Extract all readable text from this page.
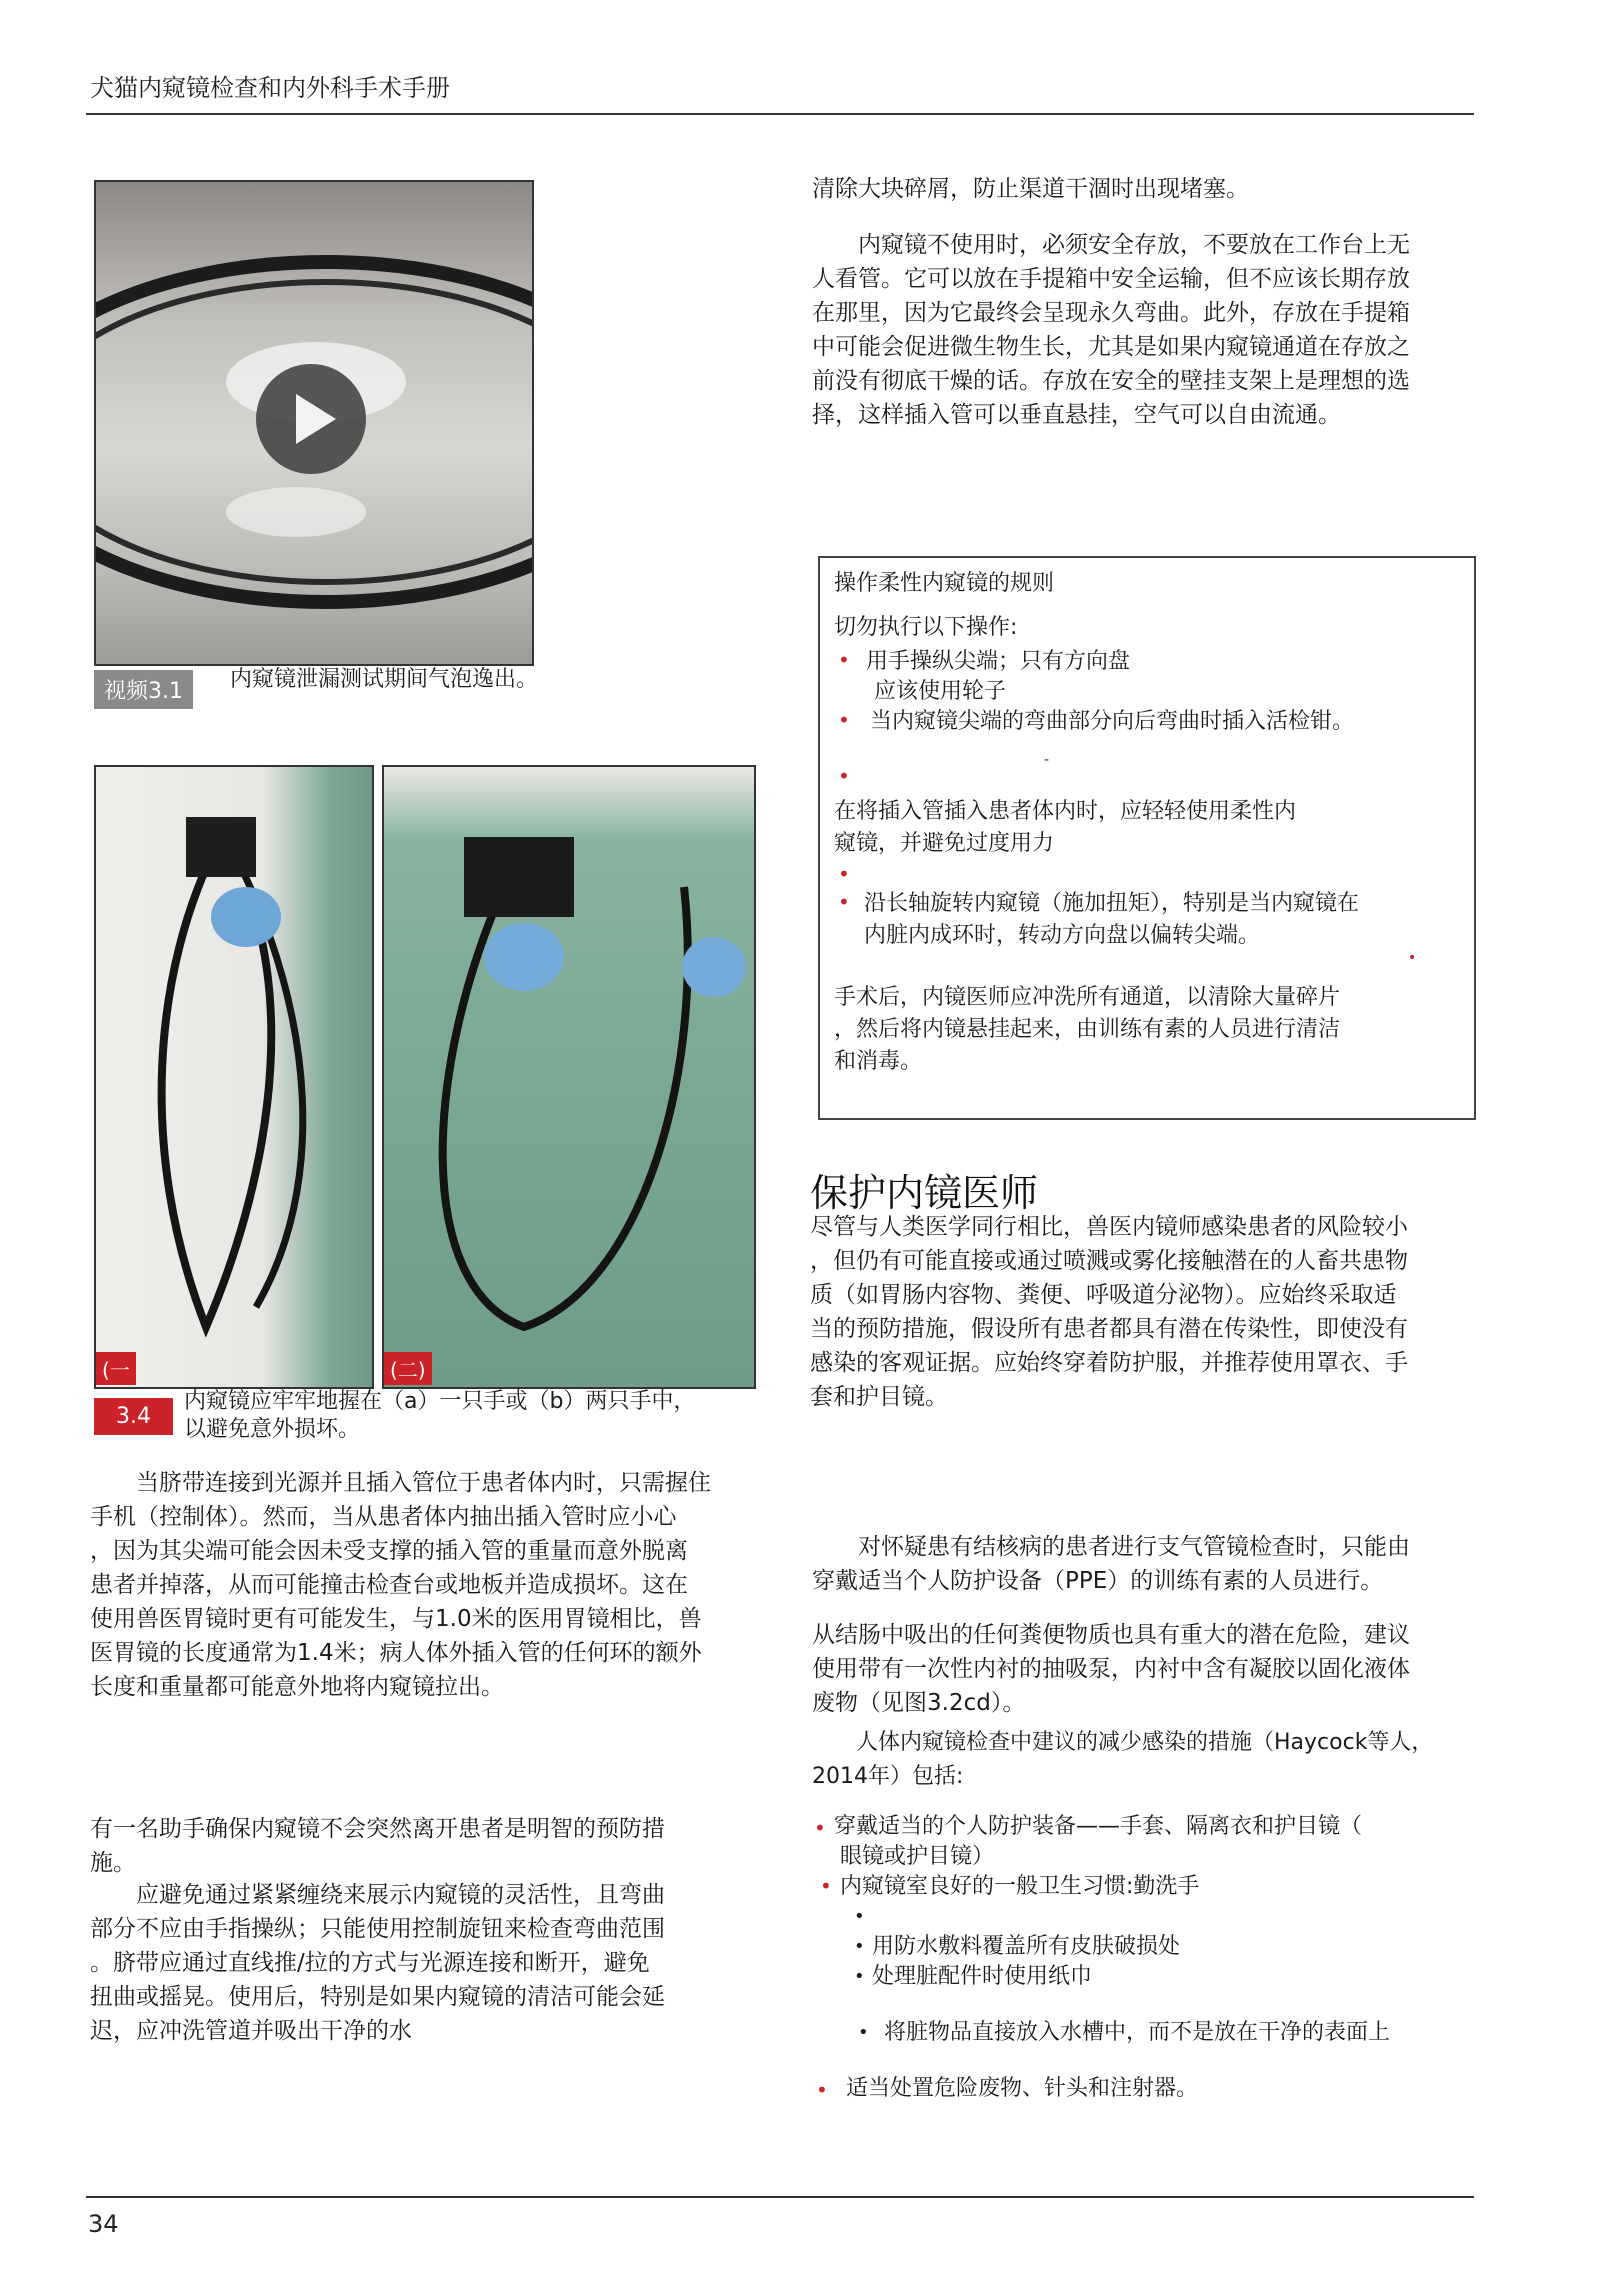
犬猫内窥镜检查和内外科手术手册
视频3.1	内窥镜泄漏测试期间气泡逸出。
(一	(二)
3.4
内窥镜应牢牢地握在（a）一只手或（b）两只手中，
以避免意外损坏。

当脐带连接到光源并且插入管位于患者体内时，只需握住

手机（控制体）。然而，当从患者体内抽出插入管时应小心

，因为其尖端可能会因未受支撑的插入管的重量而意外脱离

患者并掉落，从而可能撞击检查台或地板并造成损坏。这在

使用兽医胃镜时更有可能发生，与1.0米的医用胃镜相比，兽

医胃镜的长度通常为1.4米；病人体外插入管的任何环的额外

长度和重量都可能意外地将内窥镜拉出。

有一名助手确保内窥镜不会突然离开患者是明智的预防措

施。

应避免通过紧紧缠绕来展示内窥镜的灵活性，且弯曲

部分不应由手指操纵；只能使用控制旋钮来检查弯曲范围

。脐带应通过直线推/拉的方式与光源连接和断开，避免

扭曲或摇晃。使用后，特别是如果内窥镜的清洁可能会延

迟，应冲洗管道并吸出干净的水

清除大块碎屑，防止渠道干涸时出现堵塞。

内窥镜不使用时，必须安全存放，不要放在工作台上无

人看管。它可以放在手提箱中安全运输，但不应该长期存放

在那里，因为它最终会呈现永久弯曲。此外，存放在手提箱

中可能会促进微生物生长，尤其是如果内窥镜通道在存放之

前没有彻底干燥的话。存放在安全的壁挂支架上是理想的选

择，这样插入管可以垂直悬挂，空气可以自由流通。

操作柔性内窥镜的规则
切勿执行以下操作:
• 用手操纵尖端；只有方向盘
应该使用轮子
• 当内窥镜尖端的弯曲部分向后弯曲时插入活检钳。
-
•
在将插入管插入患者体内时，应轻轻使用柔性内
窥镜，并避免过度用力
•
• 沿长轴旋转内窥镜（施加扭矩），特别是当内窥镜在
内脏内成环时，转动方向盘以偏转尖端。
•
手术后，内镜医师应冲洗所有通道，以清除大量碎片
，然后将内镜悬挂起来，由训练有素的人员进行清洁
和消毒。
保护内镜医师

尽管与人类医学同行相比，兽医内镜师感染患者的风险较小

，但仍有可能直接或通过喷溅或雾化接触潜在的人畜共患物

质（如胃肠内容物、粪便、呼吸道分泌物）。应始终采取适

当的预防措施，假设所有患者都具有潜在传染性，即使没有

感染的客观证据。应始终穿着防护服，并推荐使用罩衣、手

套和护目镜。

对怀疑患有结核病的患者进行支气管镜检查时，只能由

穿戴适当个人防护设备（PPE）的训练有素的人员进行。

从结肠中吸出的任何粪便物质也具有重大的潜在危险，建议

使用带有一次性内衬的抽吸泵，内衬中含有凝胶以固化液体

废物（见图3.2cd）。

人体内窥镜检查中建议的减少感染的措施（Haycock等人，

2014年）包括:

• 穿戴适当的个人防护装备——手套、隔离衣和护目镜（
眼镜或护目镜）
• 内窥镜室良好的一般卫生习惯:勤洗手
•
• 用防水敷料覆盖所有皮肤破损处
• 处理脏配件时使用纸巾
• 将脏物品直接放入水槽中，而不是放在干净的表面上
• 适当处置危险废物、针头和注射器。
34
